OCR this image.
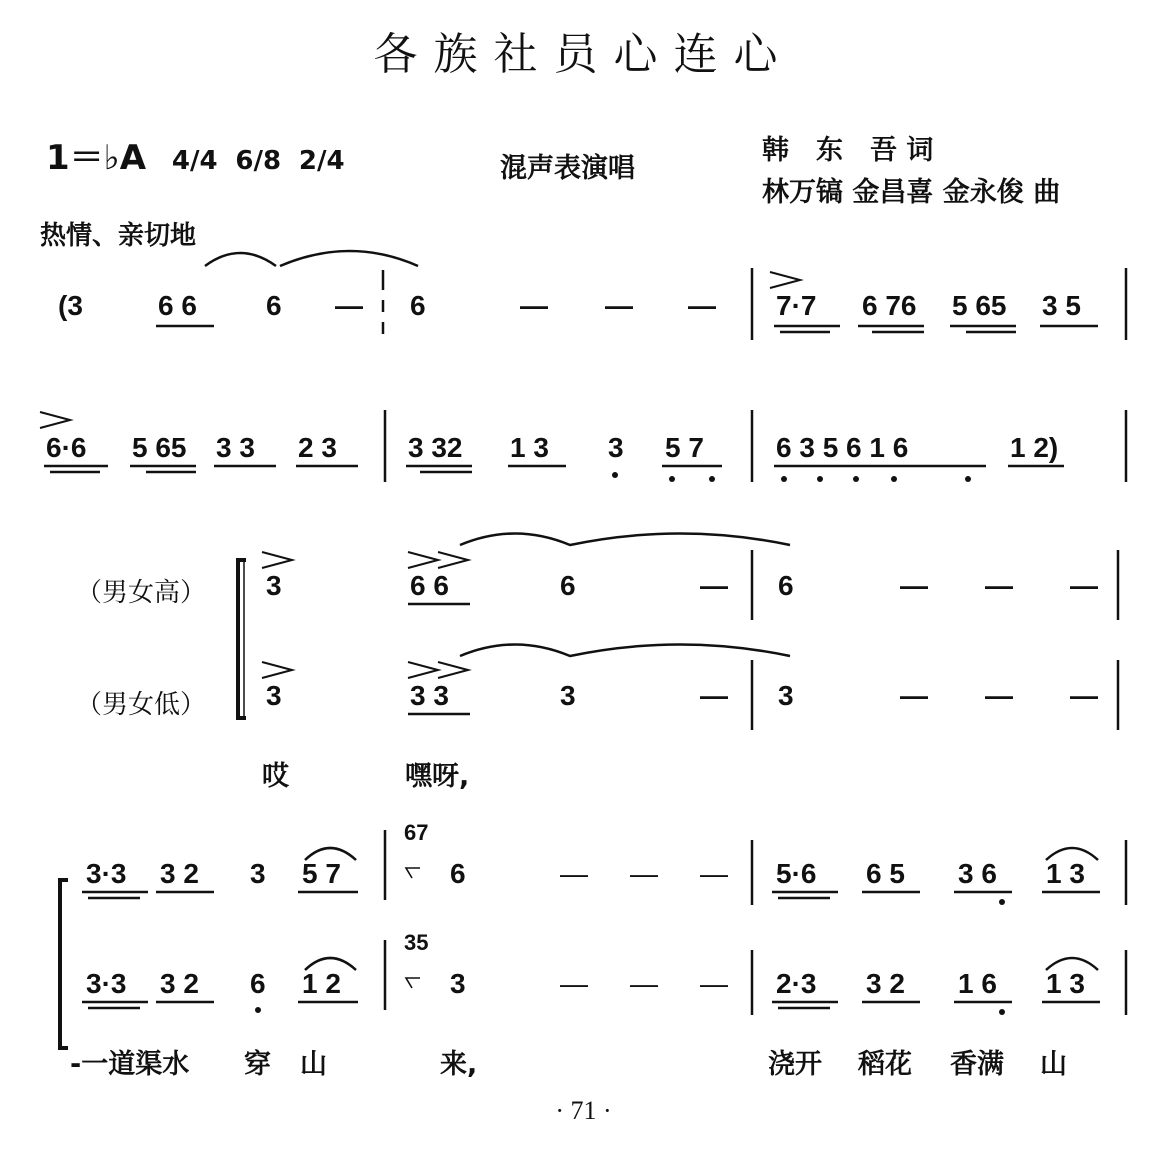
各族社员心连心
1＝♭A 4/4 6/8 2/4	混声表演唱
韩　东　吾 词
林万镐 金昌喜 金永俊 曲
热情、亲切地
(3	6 6 6 — 6	— — — 7·7 6 76 5 65 3 5
6·6 5 65 3 3 2 3	3 32 1 3 3 5 7	6 3 5 6 1 6	1 2)
（男女高）
（男女低）
3	6 6	6	— 6	— — —
3	3 3	3	— 3	— — —
哎	嘿呀,
3·3 3 2 3 5 7
67
6	— — — 5·6 6 5 3 6 1 3
3·3 3 2 6 1 2
35
3	— — — 2·3 3 2 1 6 1 3
-一道渠水 穿 山	来,	浇开 稻花 香满 山
· 71 ·
